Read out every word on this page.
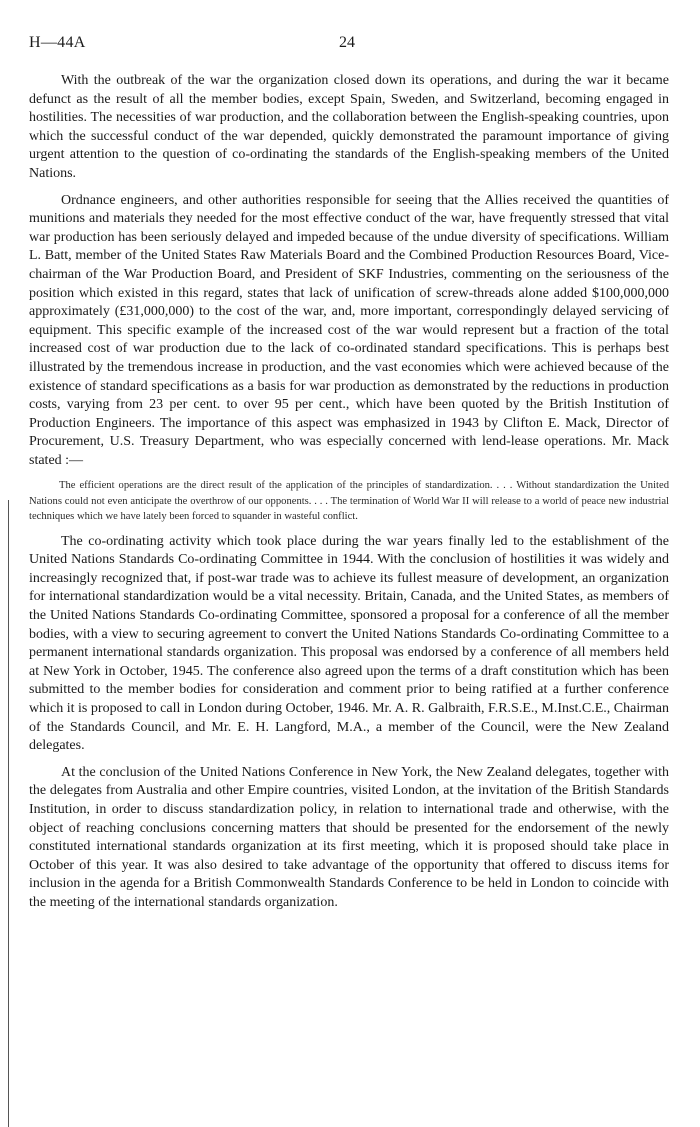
H—44A	24

With the outbreak of the war the organization closed down its operations, and during the war it became defunct as the result of all the member bodies, except Spain, Sweden, and Switzerland, becoming engaged in hostilities. The necessities of war production, and the collaboration between the English-speaking countries, upon which the successful conduct of the war depended, quickly demonstrated the paramount importance of giving urgent attention to the question of co-ordinating the standards of the English-speaking members of the United Nations.

Ordnance engineers, and other authorities responsible for seeing that the Allies received the quantities of munitions and materials they needed for the most effective conduct of the war, have frequently stressed that vital war production has been seriously delayed and impeded because of the undue diversity of specifications. William L. Batt, member of the United States Raw Materials Board and the Combined Production Resources Board, Vice-chairman of the War Production Board, and President of SKF Industries, commenting on the seriousness of the position which existed in this regard, states that lack of unification of screw-threads alone added $100,000,000 approximately (£31,000,000) to the cost of the war, and, more important, correspondingly delayed servicing of equipment. This specific example of the increased cost of the war would represent but a fraction of the total increased cost of war production due to the lack of co-ordinated standard specifications. This is perhaps best illustrated by the tremendous increase in production, and the vast economies which were achieved because of the existence of standard specifications as a basis for war production as demonstrated by the reductions in production costs, varying from 23 per cent. to over 95 per cent., which have been quoted by the British Institution of Production Engineers. The importance of this aspect was emphasized in 1943 by Clifton E. Mack, Director of Procurement, U.S. Treasury Department, who was especially concerned with lend-lease operations. Mr. Mack stated :—

The efficient operations are the direct result of the application of the principles of standardization. . . . Without standardization the United Nations could not even anticipate the overthrow of our opponents. . . . The termination of World War II will release to a world of peace new industrial techniques which we have lately been forced to squander in wasteful conflict.

The co-ordinating activity which took place during the war years finally led to the establishment of the United Nations Standards Co-ordinating Committee in 1944. With the conclusion of hostilities it was widely and increasingly recognized that, if post-war trade was to achieve its fullest measure of development, an organization for international standardization would be a vital necessity. Britain, Canada, and the United States, as members of the United Nations Standards Co-ordinating Committee, sponsored a proposal for a conference of all the member bodies, with a view to securing agreement to convert the United Nations Standards Co-ordinating Committee to a permanent international standards organization. This proposal was endorsed by a conference of all members held at New York in October, 1945. The conference also agreed upon the terms of a draft constitution which has been submitted to the member bodies for consideration and comment prior to being ratified at a further conference which it is proposed to call in London during October, 1946. Mr. A. R. Galbraith, F.R.S.E., M.Inst.C.E., Chairman of the Standards Council, and Mr. E. H. Langford, M.A., a member of the Council, were the New Zealand delegates.

At the conclusion of the United Nations Conference in New York, the New Zealand delegates, together with the delegates from Australia and other Empire countries, visited London, at the invitation of the British Standards Institution, in order to discuss standardization policy, in relation to international trade and otherwise, with the object of reaching conclusions concerning matters that should be presented for the endorsement of the newly constituted international standards organization at its first meeting, which it is proposed should take place in October of this year. It was also desired to take advantage of the opportunity that offered to discuss items for inclusion in the agenda for a British Commonwealth Standards Conference to be held in London to coincide with the meeting of the international standards organization.
